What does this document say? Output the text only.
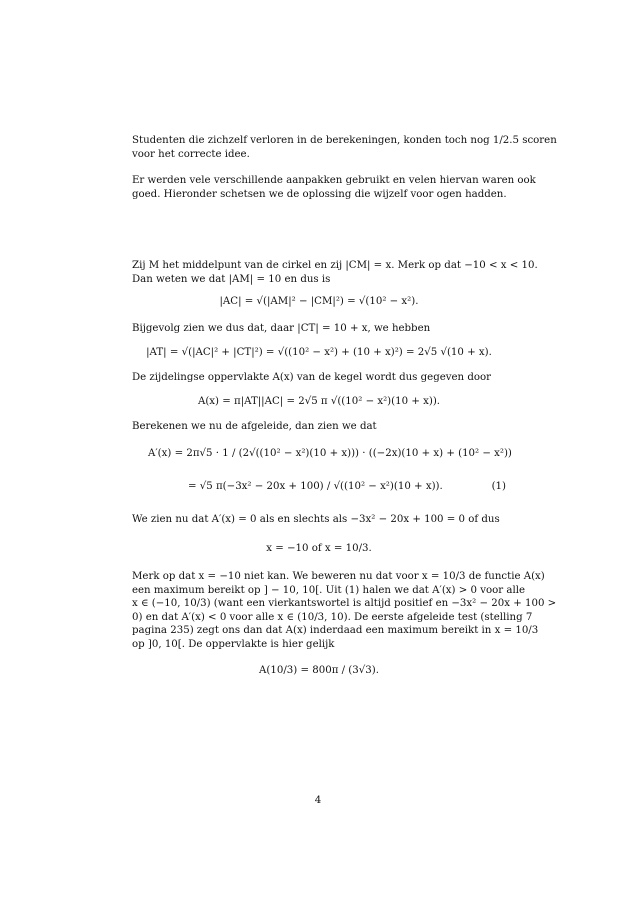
Studenten die zichzelf verloren in de berekeningen, konden toch nog 1/2.5 scoren
voor het correcte idee.
Er werden vele verschillende aanpakken gebruikt en velen hiervan waren ook
goed. Hieronder schetsen we de oplossing die wijzelf voor ogen hadden.
Zij M het middelpunt van de cirkel en zij |CM| = x. Merk op dat −10 < x < 10.
Dan weten we dat |AM| = 10 en dus is
|AC| = √(|AM|² − |CM|²) = √(10² − x²).
Bijgevolg zien we dus dat, daar |CT| = 10 + x, we hebben
|AT| = √(|AC|² + |CT|²) = √((10² − x²) + (10 + x)²) = 2√5 √(10 + x).
De zijdelingse oppervlakte A(x) van de kegel wordt dus gegeven door
A(x) = π|AT||AC| = 2√5 π √((10² − x²)(10 + x)).
Berekenen we nu de afgeleide, dan zien we dat
A′(x) = 2π√5 · 1 / (2√((10² − x²)(10 + x))) · ((−2x)(10 + x) + (10² − x²))
= √5 π(−3x² − 20x + 100) / √((10² − x²)(10 + x)).	(1)
We zien nu dat A′(x) = 0 als en slechts als −3x² − 20x + 100 = 0 of dus
x = −10 of x = 10/3.
Merk op dat x = −10 niet kan. We beweren nu dat voor x = 10/3 de functie A(x)
een maximum bereikt op ] − 10, 10[. Uit (1) halen we dat A′(x) > 0 voor alle
x ∈ (−10, 10/3) (want een vierkantswortel is altijd positief en −3x² − 20x + 100 >
0) en dat A′(x) < 0 voor alle x ∈ (10/3, 10). De eerste afgeleide test (stelling 7
pagina 235) zegt ons dan dat A(x) inderdaad een maximum bereikt in x = 10/3
op ]0, 10[. De oppervlakte is hier gelijk
A(10/3) = 800π / (3√3).
4
